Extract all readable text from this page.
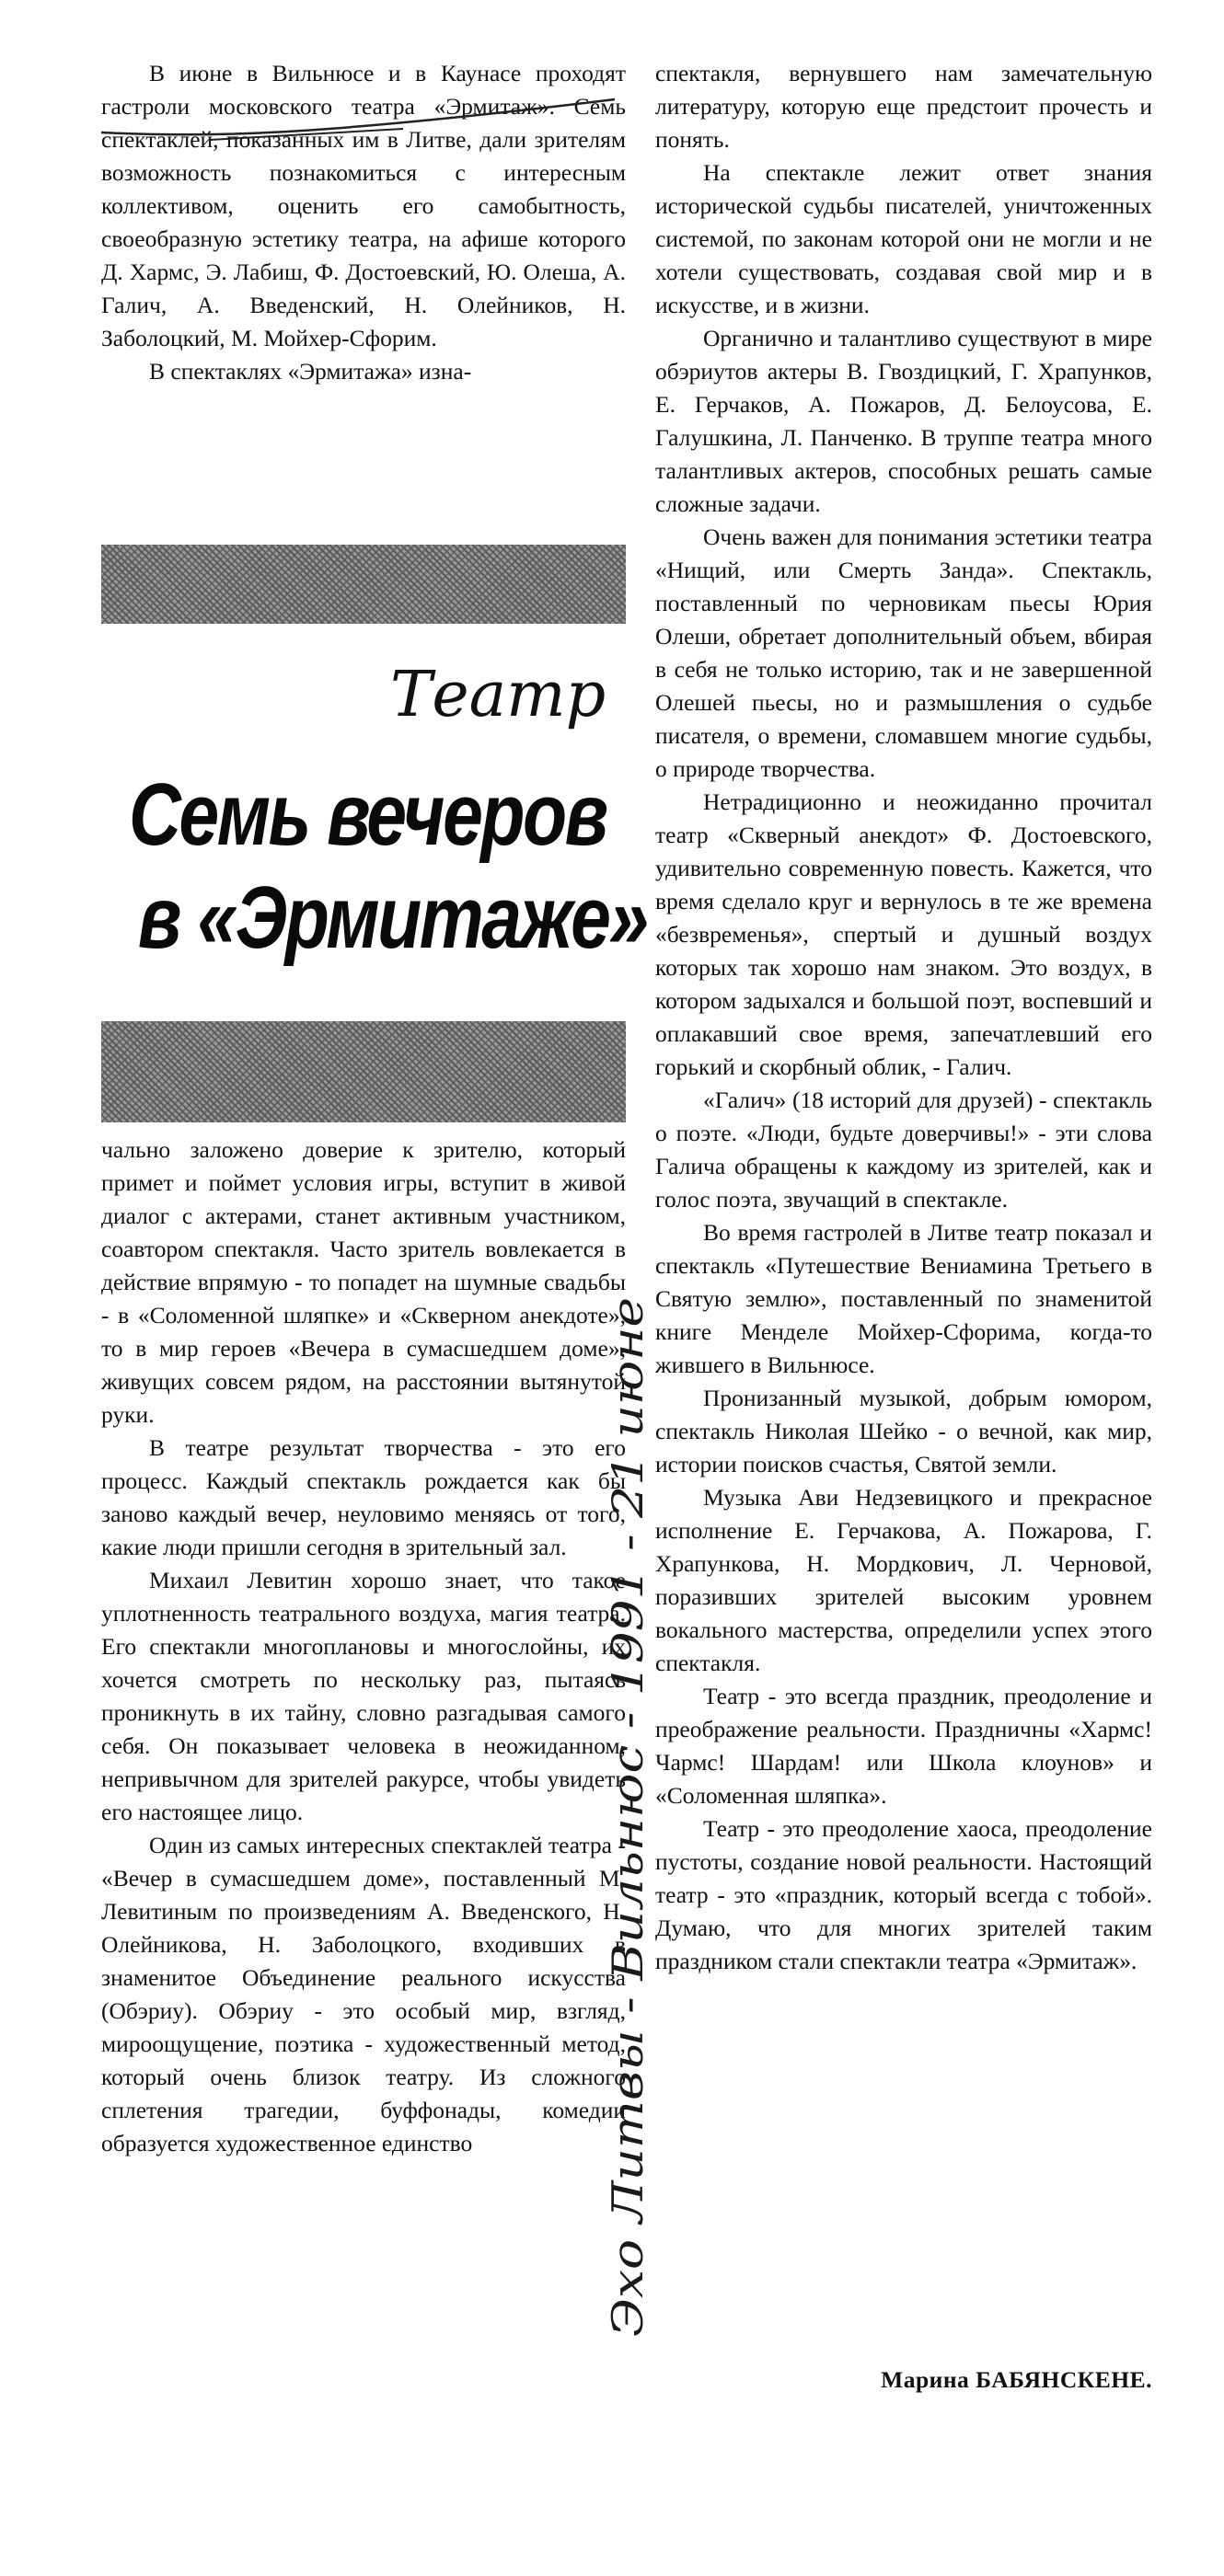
В июне в Вильнюсе и в Каунасе проходят гастроли московского театра «Эрмитаж». Семь спектаклей, показанных им в Литве, дали зрителям возможность познакомиться с интересным коллективом, оценить его самобытность, своеобразную эстетику театра, на афише которого Д. Хармс, Э. Лабиш, Ф. Достоевский, Ю. Олеша, А. Галич, А. Введенский, Н. Олейников, Н. Заболоцкий, М. Мойхер-Сфорим.

В спектаклях «Эрмитажа» изна-

Театр
Семь вечеров
в «Эрмитаже»

чально заложено доверие к зрителю, который примет и поймет условия игры, вступит в живой диалог с актерами, станет активным участником, соавтором спектакля. Часто зритель вовлекается в действие впрямую - то попадет на шумные свадьбы - в «Соломенной шляпке» и «Скверном анекдоте», то в мир героев «Вечера в сумасшедшем доме», живущих совсем рядом, на расстоянии вытянутой руки.

В театре результат творчества - это его процесс. Каждый спектакль рождается как бы заново каждый вечер, неуловимо меняясь от того, какие люди пришли сегодня в зрительный зал.

Михаил Левитин хорошо знает, что такое уплотненность театрального воздуха, магия театра. Его спектакли многоплановы и многослойны, их хочется смотреть по нескольку раз, пытаясь проникнуть в их тайну, словно разгадывая самого себя. Он показывает человека в неожиданном, непривычном для зрителей ракурсе, чтобы увидеть его настоящее лицо.

Один из самых интересных спектаклей театра - «Вечер в сумасшедшем доме», поставленный М. Левитиным по произведениям А. Введенского, Н. Олейникова, Н. Заболоцкого, входивших в знаменитое Объединение реального искусства (Обэриу). Обэриу - это особый мир, взгляд, мироощущение, поэтика - художественный метод, который очень близок театру. Из сложного сплетения трагедии, буффонады, комедии образуется художественное единство

спектакля, вернувшего нам замечательную литературу, которую еще предстоит прочесть и понять.

На спектакле лежит ответ знания исторической судьбы писателей, уничтоженных системой, по законам которой они не могли и не хотели существовать, создавая свой мир и в искусстве, и в жизни.

Органично и талантливо существуют в мире обэриутов актеры В. Гвоздицкий, Г. Храпунков, Е. Герчаков, А. Пожаров, Д. Белоусова, Е. Галушкина, Л. Панченко. В труппе театра много талантливых актеров, способных решать самые сложные задачи.

Очень важен для понимания эстетики театра «Нищий, или Смерть Занда». Спектакль, поставленный по черновикам пьесы Юрия Олеши, обретает дополнительный объем, вбирая в себя не только историю, так и не завершенной Олешей пьесы, но и размышления о судьбе писателя, о времени, сломавшем многие судьбы, о природе творчества.

Нетрадиционно и неожиданно прочитал театр «Скверный анекдот» Ф. Достоевского, удивительно современную повесть. Кажется, что время сделало круг и вернулось в те же времена «безвременья», спертый и душный воздух которых так хорошо нам знаком. Это воздух, в котором задыхался и большой поэт, воспевший и оплакавший свое время, запечатлевший его горький и скорбный облик, - Галич.

«Галич» (18 историй для друзей) - спектакль о поэте. «Люди, будьте доверчивы!» - эти слова Галича обращены к каждому из зрителей, как и голос поэта, звучащий в спектакле.

Во время гастролей в Литве театр показал и спектакль «Путешествие Вениамина Третьего в Святую землю», поставленный по знаменитой книге Менделе Мойхер-Сфорима, когда-то жившего в Вильнюсе.

Пронизанный музыкой, добрым юмором, спектакль Николая Шейко - о вечной, как мир, истории поисков счастья, Святой земли.

Музыка Ави Недзевицкого и прекрасное исполнение Е. Герчакова, А. Пожарова, Г. Храпункова, Н. Мордкович, Л. Черновой, поразивших зрителей высоким уровнем вокального мастерства, определили успех этого спектакля.

Театр - это всегда праздник, преодоление и преображение реальности. Праздничны «Хармс! Чармс! Шардам! или Школа клоунов» и «Соломенная шляпка».

Театр - это преодоление хаоса, преодоление пустоты, создание новой реальности. Настоящий театр - это «праздник, который всегда с тобой». Думаю, что для многих зрителей таким праздником стали спектакли театра «Эрмитаж».

Эхо Литвы - Вильнюс - 1991 - 21 июне
Марина БАБЯНСКЕНЕ.
